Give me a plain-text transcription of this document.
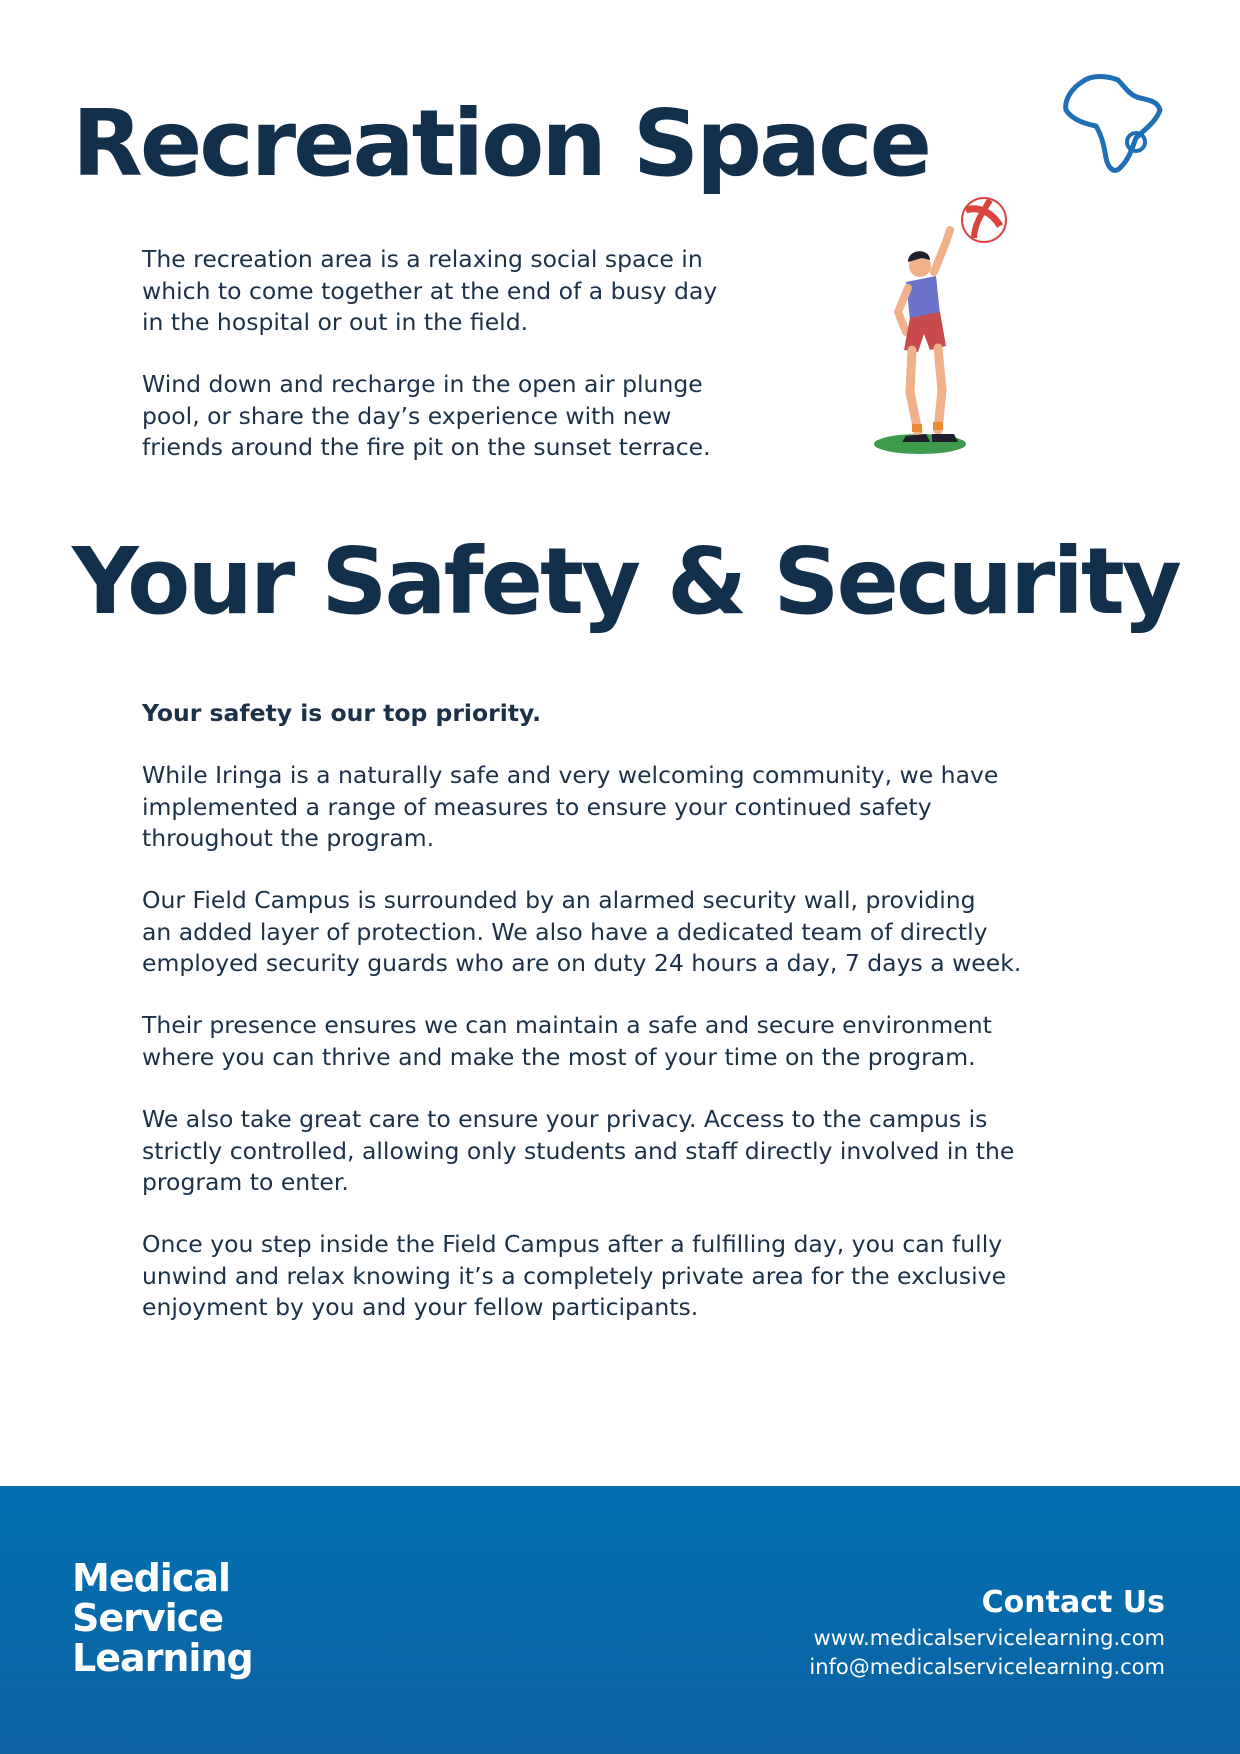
Recreation Space
The recreation area is a relaxing social space in
which to come together at the end of a busy day
in the hospital or out in the field.
Wind down and recharge in the open air plunge
pool, or share the day’s experience with new
friends around the fire pit on the sunset terrace.
Your Safety & Security
Your safety is our top priority.
While Iringa is a naturally safe and very welcoming community, we have
implemented a range of measures to ensure your continued safety
throughout the program.
Our Field Campus is surrounded by an alarmed security wall, providing
an added layer of protection. We also have a dedicated team of directly
employed security guards who are on duty 24 hours a day, 7 days a week.
Their presence ensures we can maintain a safe and secure environment
where you can thrive and make the most of your time on the program.
We also take great care to ensure your privacy. Access to the campus is
strictly controlled, allowing only students and staff directly involved in the
program to enter.
Once you step inside the Field Campus after a fulfilling day, you can fully
unwind and relax knowing it’s a completely private area for the exclusive
enjoyment by you and your fellow participants.
Medical
Service
Learning
Contact Us
www.medicalservicelearning.com
info@medicalservicelearning.com
